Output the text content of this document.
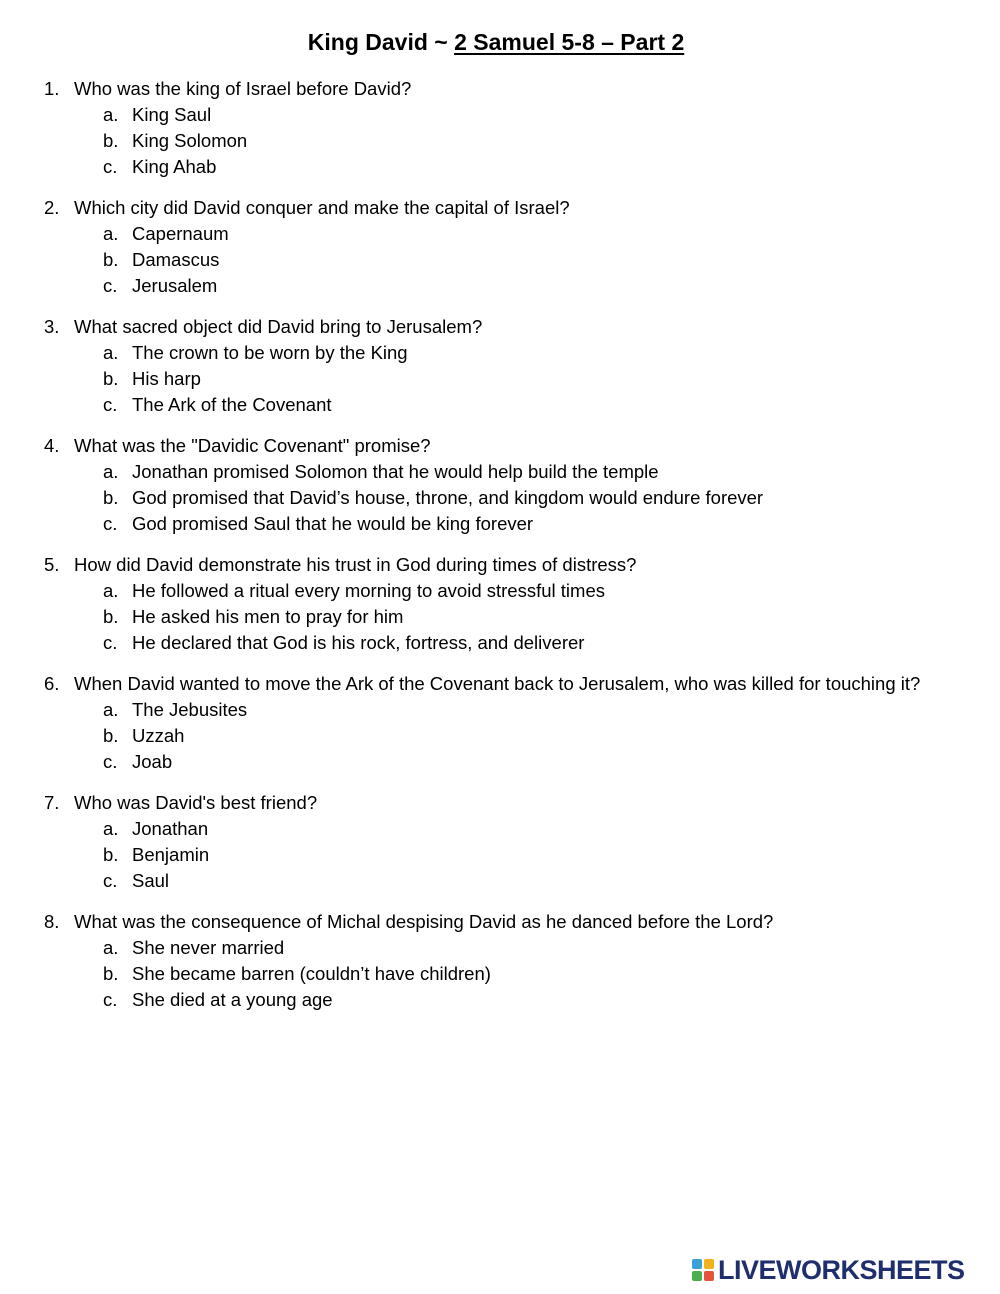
King David ~ 2 Samuel 5-8 – Part 2
1. Who was the king of Israel before David?
a. King Saul
b. King Solomon
c. King Ahab
2. Which city did David conquer and make the capital of Israel?
a. Capernaum
b. Damascus
c. Jerusalem
3. What sacred object did David bring to Jerusalem?
a. The crown to be worn by the King
b. His harp
c. The Ark of the Covenant
4. What was the "Davidic Covenant" promise?
a. Jonathan promised Solomon that he would help build the temple
b. God promised that David’s house, throne, and kingdom would endure forever
c. God promised Saul that he would be king forever
5. How did David demonstrate his trust in God during times of distress?
a. He followed a ritual every morning to avoid stressful times
b. He asked his men to pray for him
c. He declared that God is his rock, fortress, and deliverer
6. When David wanted to move the Ark of the Covenant back to Jerusalem, who was killed for touching it?
a. The Jebusites
b. Uzzah
c. Joab
7. Who was David's best friend?
a. Jonathan
b. Benjamin
c. Saul
8. What was the consequence of Michal despising David as he danced before the Lord?
a. She never married
b. She became barren (couldn’t have children)
c. She died at a young age
LIVEWORKSHEETS
